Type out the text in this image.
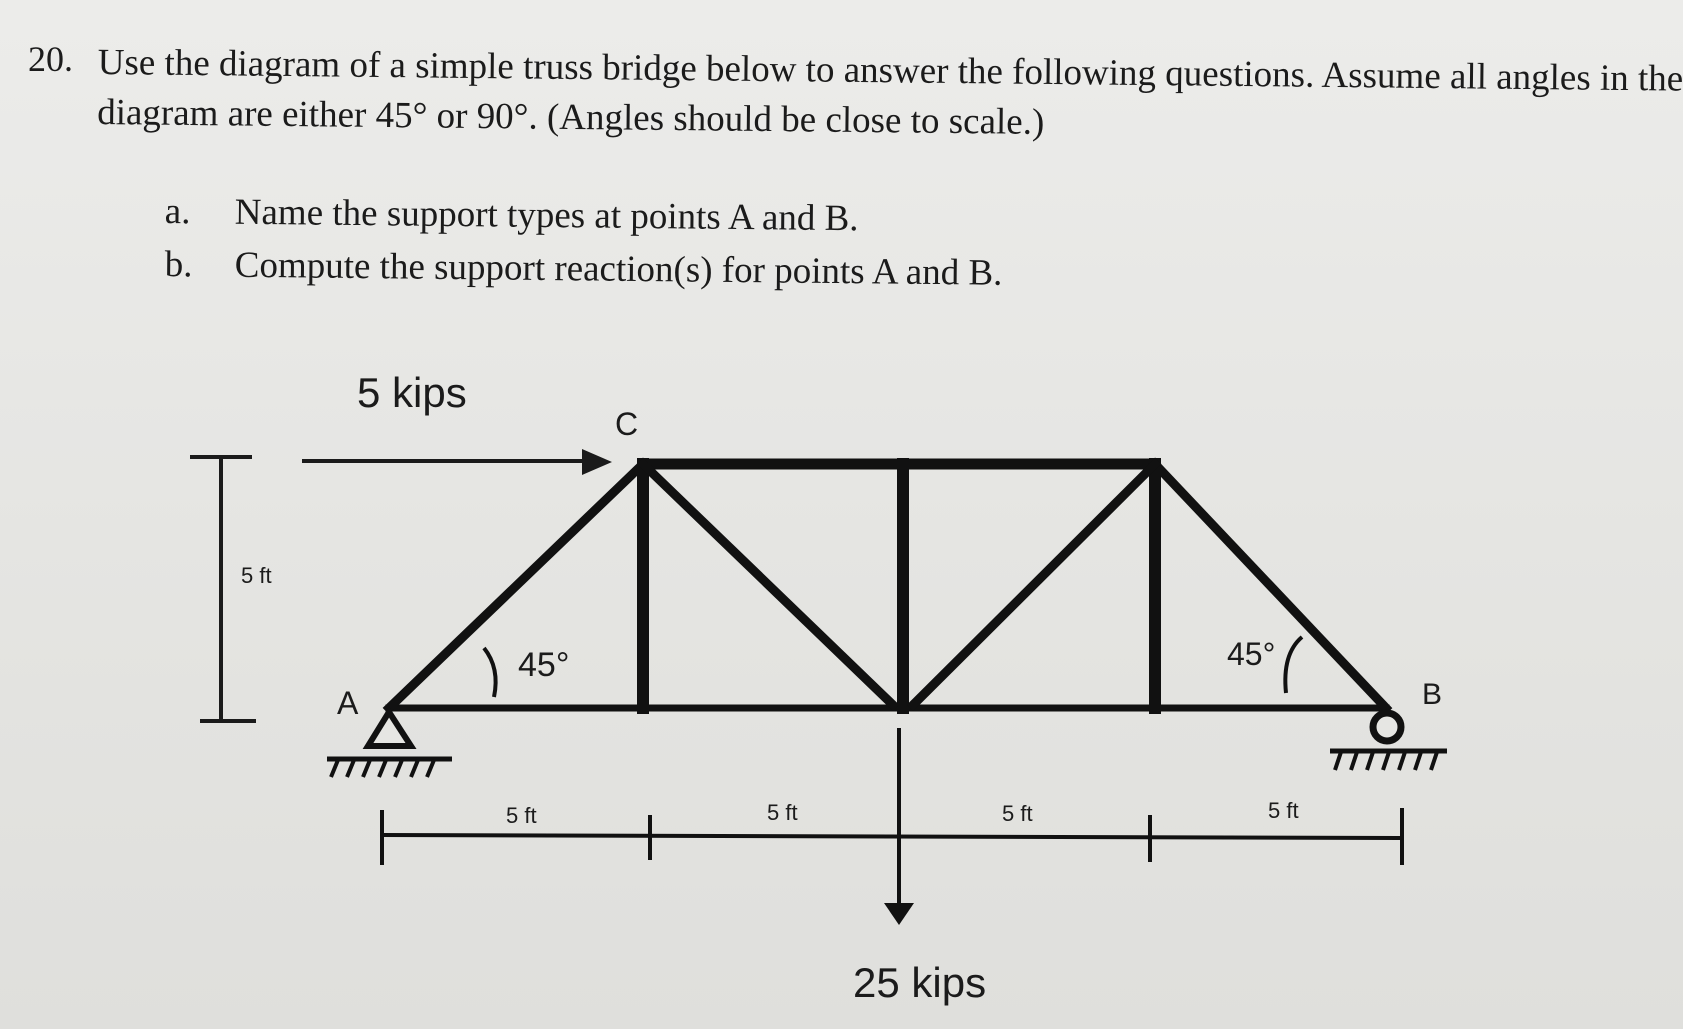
20. Use the diagram of a simple truss bridge below to answer the following questions. Assume all angles in the diagram are either 45° or 90°. (Angles should be close to scale.)
a. Name the support types at points A and B.
b. Compute the support reaction(s) for points A and B.
5 ft
5 kips
C
45°	45°
A	B
5 ft	5 ft	5 ft	5 ft
25 kips
